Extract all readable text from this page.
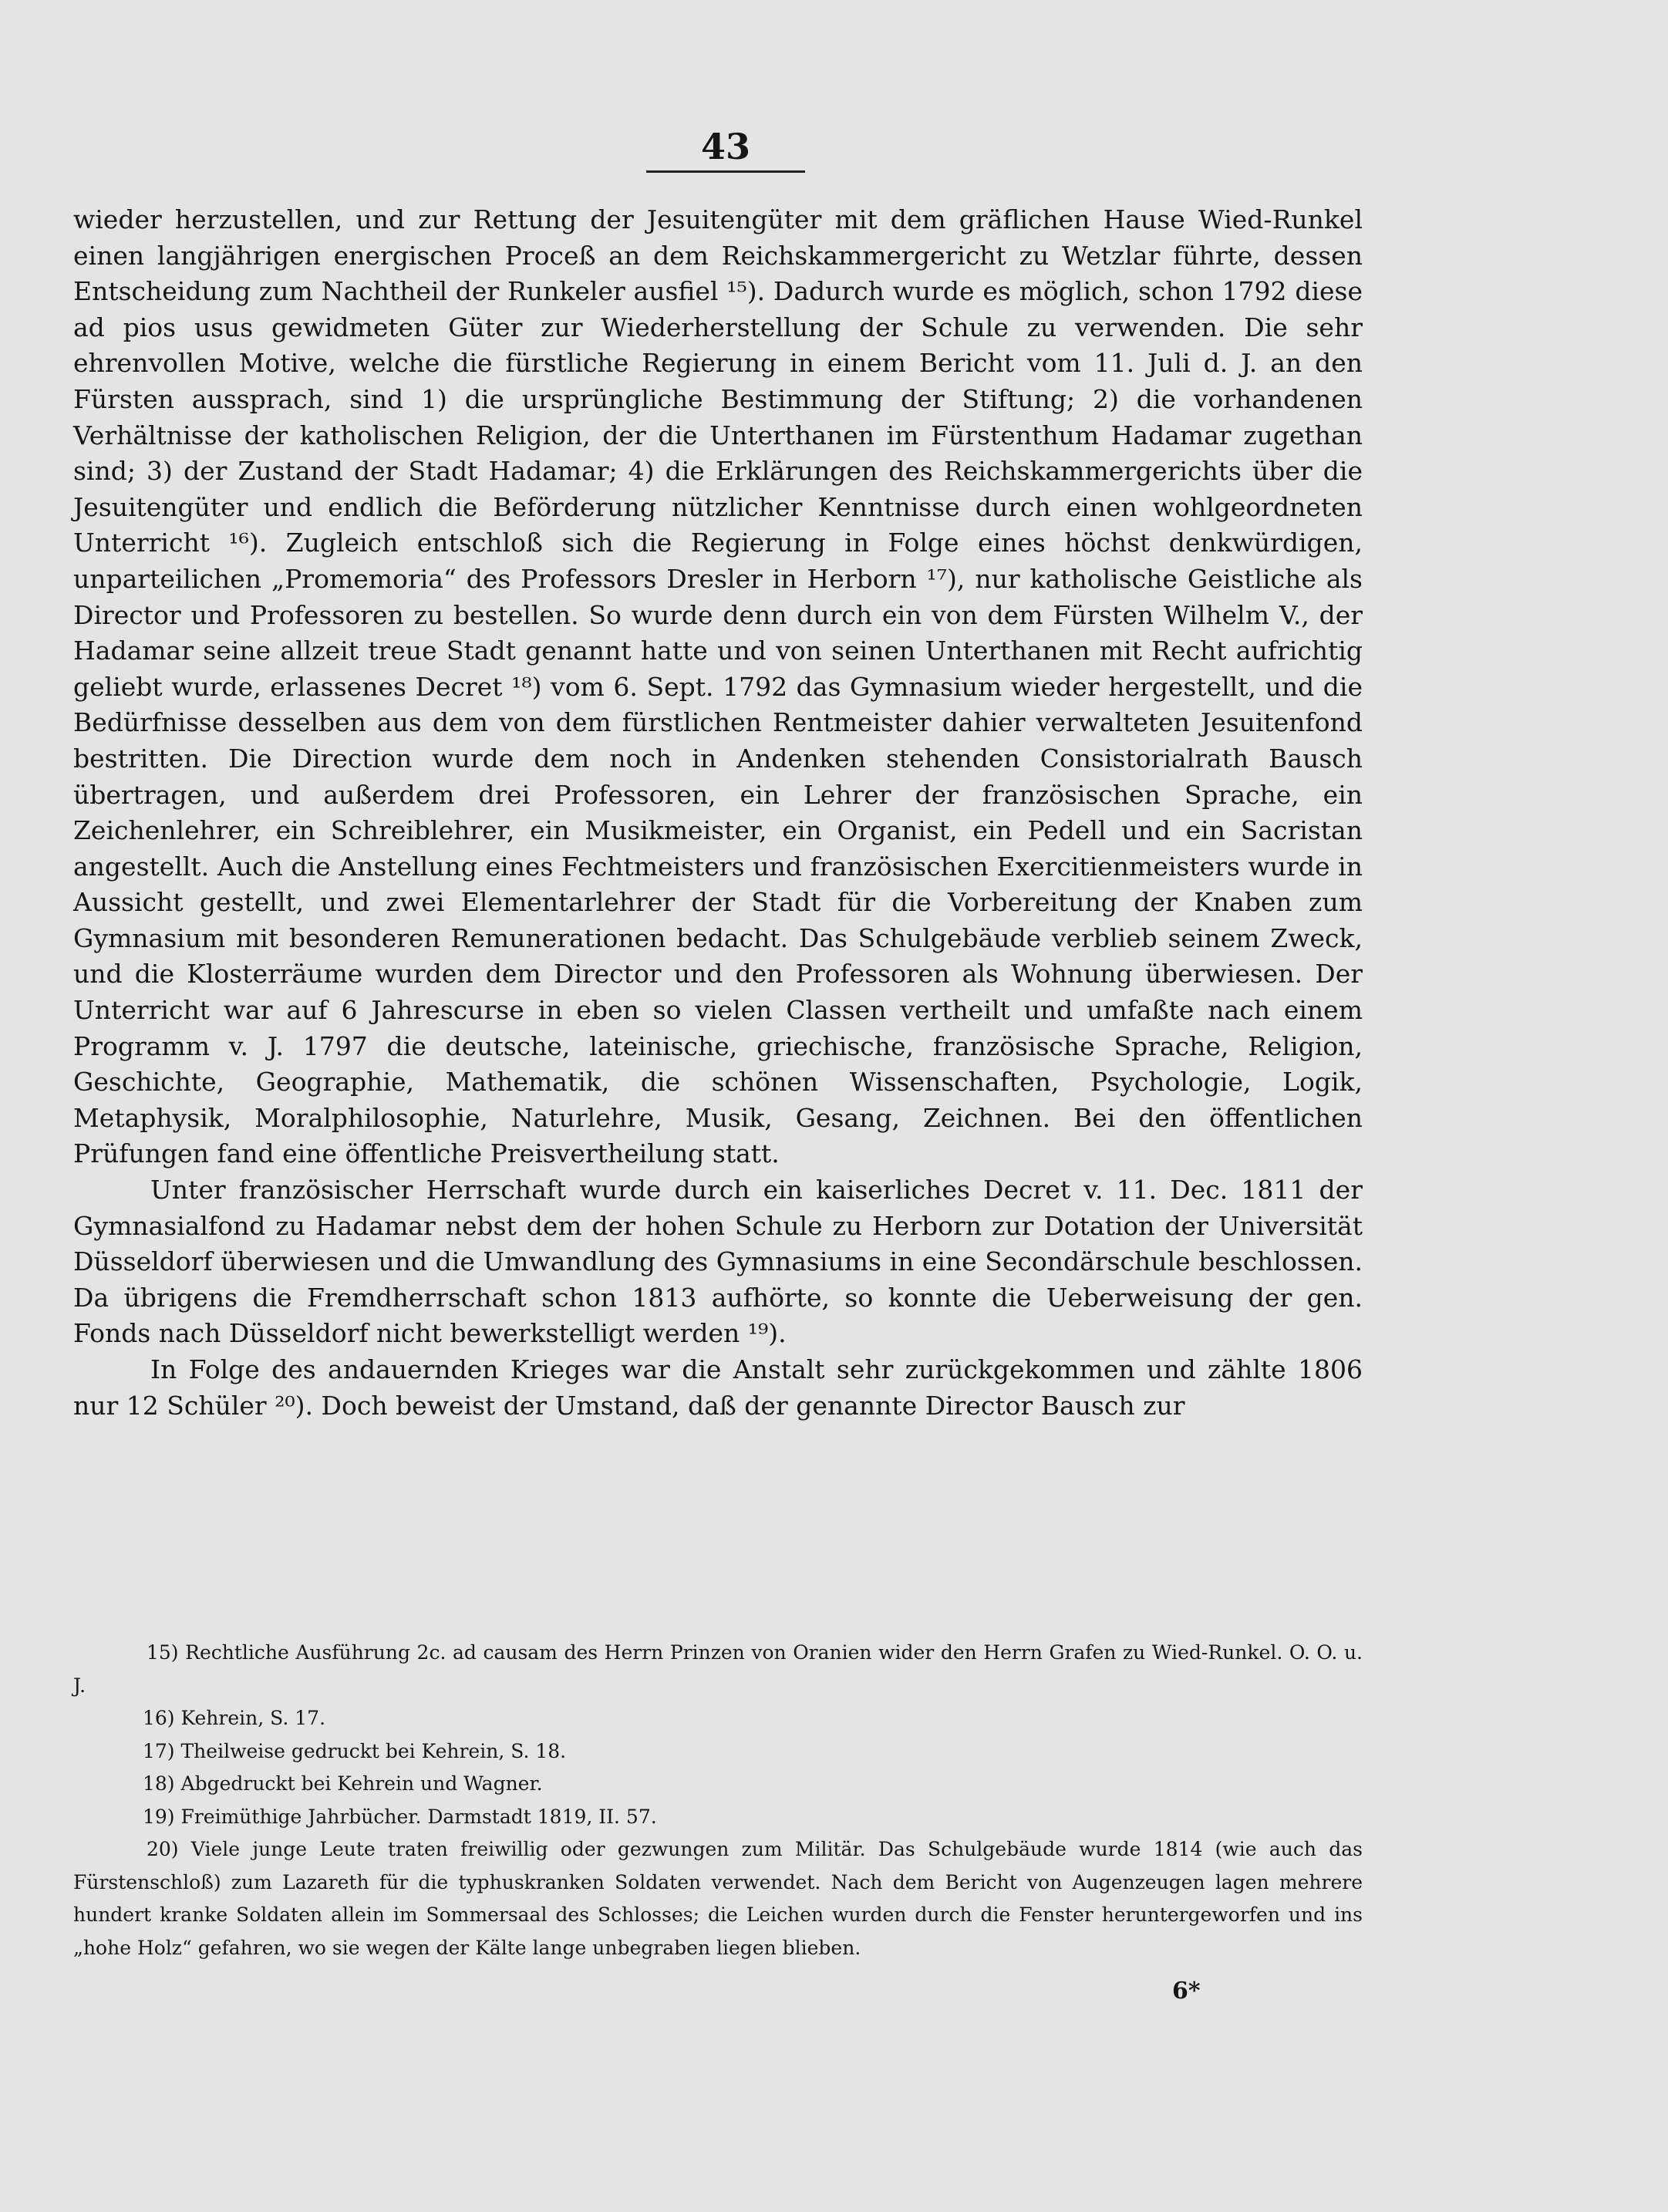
43

wieder herzustellen, und zur Rettung der Jesuitengüter mit dem gräflichen Hause Wied-Runkel einen langjährigen energischen Proceß an dem Reichskammergericht zu Wetzlar führte, dessen Entscheidung zum Nachtheil der Runkeler ausfiel ¹⁵). Dadurch wurde es möglich, schon 1792 diese ad pios usus gewidmeten Güter zur Wiederherstellung der Schule zu verwenden. Die sehr ehrenvollen Motive, welche die fürstliche Regierung in einem Bericht vom 11. Juli d. J. an den Fürsten aussprach, sind 1) die ursprüngliche Bestimmung der Stiftung; 2) die vorhandenen Verhältnisse der katholischen Religion, der die Unterthanen im Fürstenthum Hadamar zugethan sind; 3) der Zustand der Stadt Hadamar; 4) die Erklärungen des Reichskammergerichts über die Jesuitengüter und endlich die Beförderung nützlicher Kenntnisse durch einen wohlgeordneten Unterricht ¹⁶). Zugleich entschloß sich die Regierung in Folge eines höchst denkwürdigen, unparteilichen „Promemoria“ des Professors Dresler in Herborn ¹⁷), nur katholische Geistliche als Director und Professoren zu bestellen. So wurde denn durch ein von dem Fürsten Wilhelm V., der Hadamar seine allzeit treue Stadt genannt hatte und von seinen Unterthanen mit Recht aufrichtig geliebt wurde, erlassenes Decret ¹⁸) vom 6. Sept. 1792 das Gymnasium wieder hergestellt, und die Bedürfnisse desselben aus dem von dem fürstlichen Rentmeister dahier verwalteten Jesuitenfond bestritten. Die Direction wurde dem noch in Andenken stehenden Consistorialrath Bausch übertragen, und außerdem drei Professoren, ein Lehrer der französischen Sprache, ein Zeichenlehrer, ein Schreiblehrer, ein Musikmeister, ein Organist, ein Pedell und ein Sacristan angestellt. Auch die Anstellung eines Fechtmeisters und französischen Exercitienmeisters wurde in Aussicht gestellt, und zwei Elementarlehrer der Stadt für die Vorbereitung der Knaben zum Gymnasium mit besonderen Remunerationen bedacht. Das Schulgebäude verblieb seinem Zweck, und die Klosterräume wurden dem Director und den Professoren als Wohnung überwiesen. Der Unterricht war auf 6 Jahrescurse in eben so vielen Classen vertheilt und umfaßte nach einem Programm v. J. 1797 die deutsche, lateinische, griechische, französische Sprache, Religion, Geschichte, Geographie, Mathematik, die schönen Wissenschaften, Psychologie, Logik, Metaphysik, Moralphilosophie, Naturlehre, Musik, Gesang, Zeichnen. Bei den öffentlichen Prüfungen fand eine öffentliche Preisvertheilung statt.

Unter französischer Herrschaft wurde durch ein kaiserliches Decret v. 11. Dec. 1811 der Gymnasialfond zu Hadamar nebst dem der hohen Schule zu Herborn zur Dotation der Universität Düsseldorf überwiesen und die Umwandlung des Gymnasiums in eine Secondärschule beschlossen. Da übrigens die Fremdherrschaft schon 1813 aufhörte, so konnte die Ueberweisung der gen. Fonds nach Düsseldorf nicht bewerkstelligt werden ¹⁹).

In Folge des andauernden Krieges war die Anstalt sehr zurückgekommen und zählte 1806 nur 12 Schüler ²⁰). Doch beweist der Umstand, daß der genannte Director Bausch zur

15) Rechtliche Ausführung 2c. ad causam des Herrn Prinzen von Oranien wider den Herrn Grafen zu Wied-Runkel. O. O. u. J.

16) Kehrein, S. 17.

17) Theilweise gedruckt bei Kehrein, S. 18.

18) Abgedruckt bei Kehrein und Wagner.

19) Freimüthige Jahrbücher. Darmstadt 1819, II. 57.

20) Viele junge Leute traten freiwillig oder gezwungen zum Militär. Das Schulgebäude wurde 1814 (wie auch das Fürstenschloß) zum Lazareth für die typhuskranken Soldaten verwendet. Nach dem Bericht von Augenzeugen lagen mehrere hundert kranke Soldaten allein im Sommersaal des Schlosses; die Leichen wurden durch die Fenster heruntergeworfen und ins „hohe Holz“ gefahren, wo sie wegen der Kälte lange unbegraben liegen blieben.

6*
